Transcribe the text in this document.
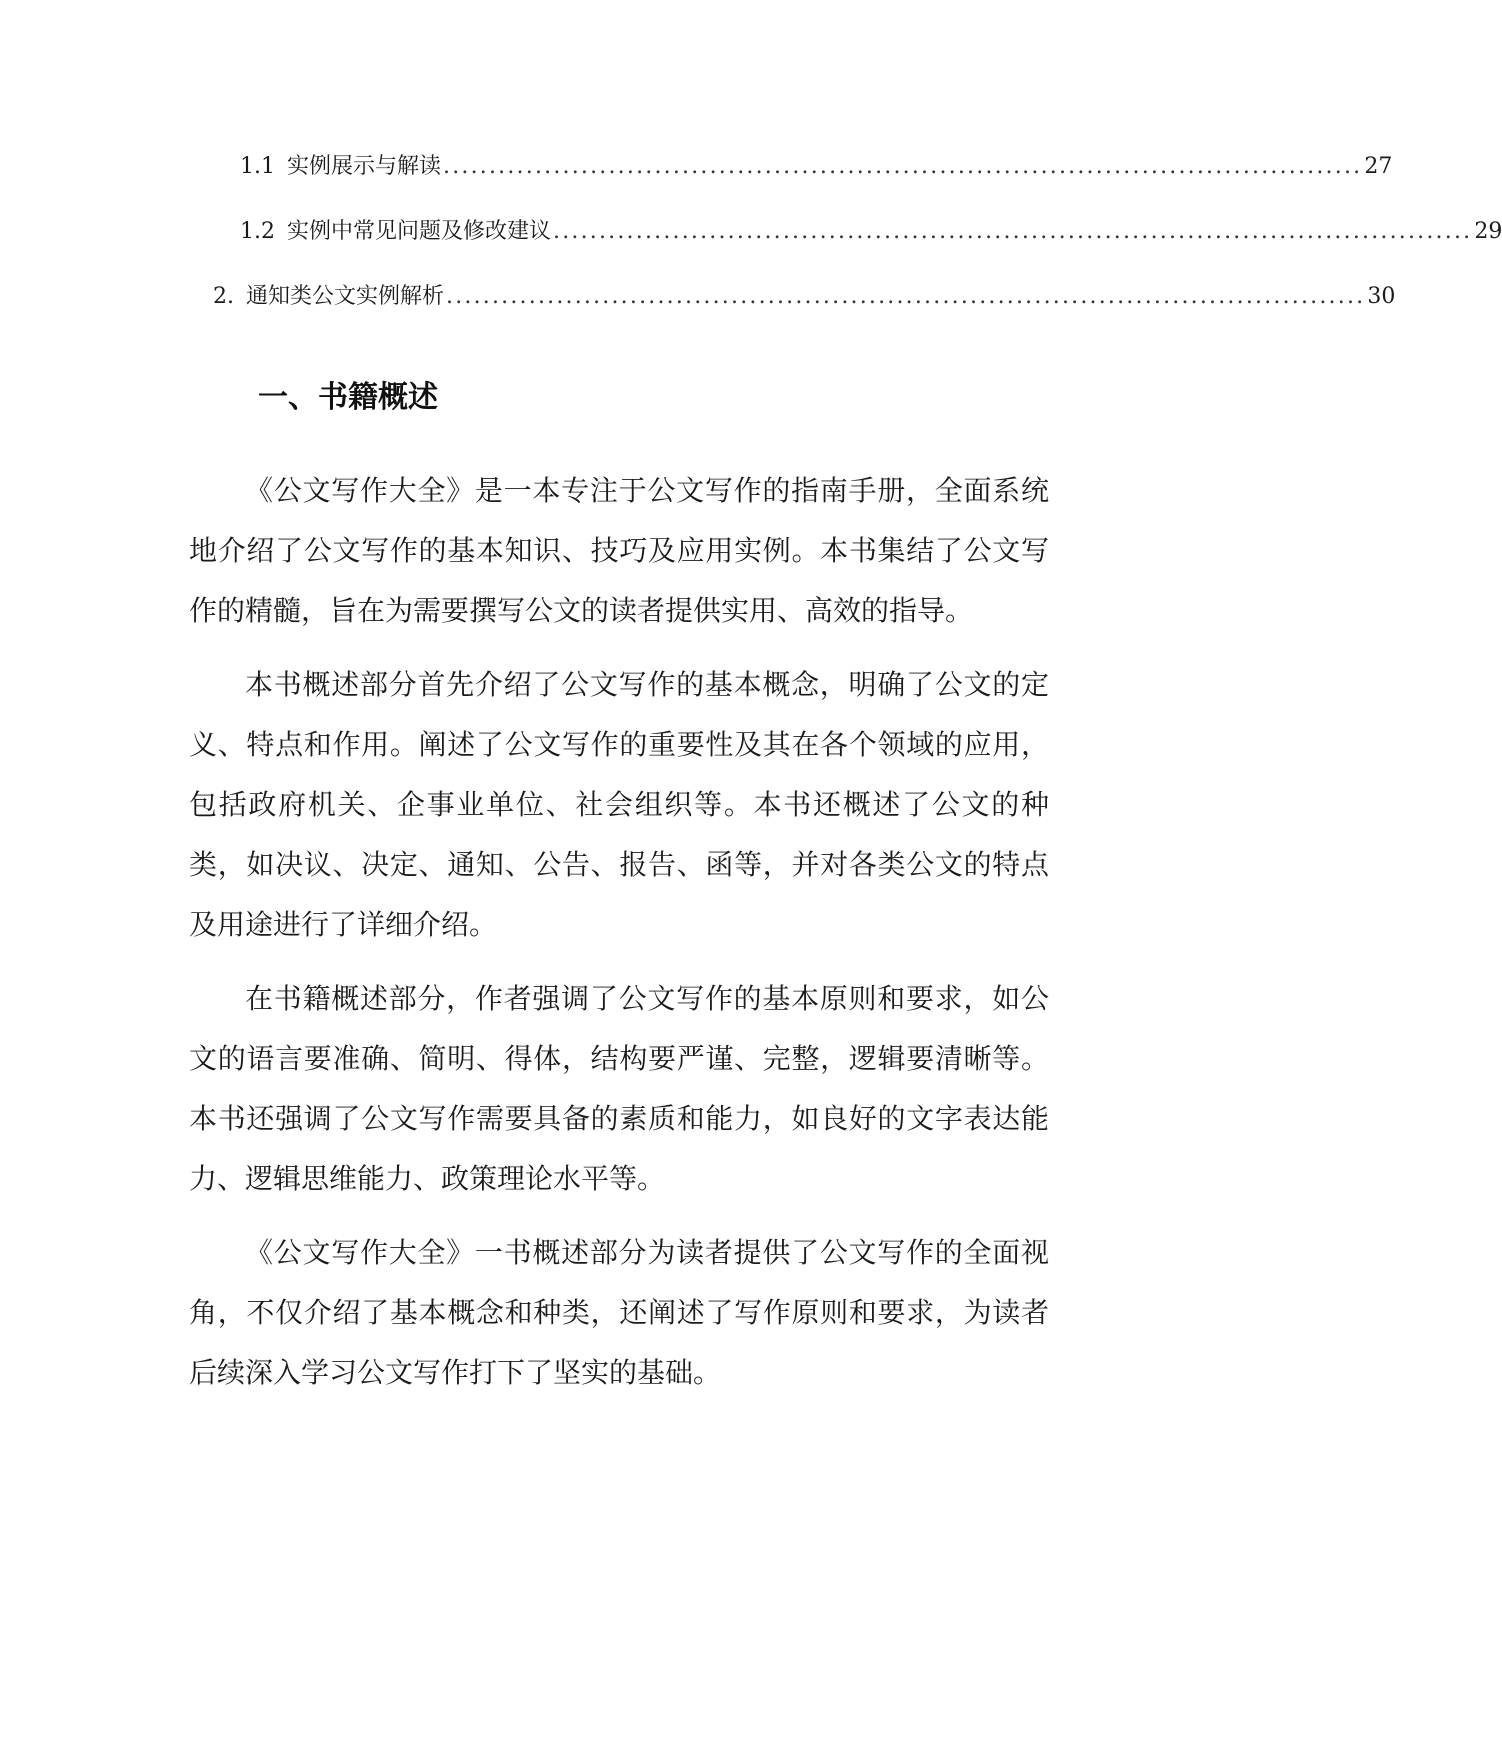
1.1 实例展示与解读 .................................................................................................... 27
1.2 实例中常见问题及修改建议 .................................................................................................... 29
2. 通知类公文实例解析 .................................................................................................... 30
一、书籍概述

《公文写作大全》是一本专注于公文写作的指南手册，全面系统地介绍了公文写作的基本知识、技巧及应用实例。本书集结了公文写作的精髓，旨在为需要撰写公文的读者提供实用、高效的指导。

本书概述部分首先介绍了公文写作的基本概念，明确了公文的定义、特点和作用。阐述了公文写作的重要性及其在各个领域的应用，包括政府机关、企事业单位、社会组织等。本书还概述了公文的种类，如决议、决定、通知、公告、报告、函等，并对各类公文的特点及用途进行了详细介绍。

在书籍概述部分，作者强调了公文写作的基本原则和要求，如公文的语言要准确、简明、得体，结构要严谨、完整，逻辑要清晰等。本书还强调了公文写作需要具备的素质和能力，如良好的文字表达能力、逻辑思维能力、政策理论水平等。

《公文写作大全》一书概述部分为读者提供了公文写作的全面视角，不仅介绍了基本概念和种类，还阐述了写作原则和要求，为读者后续深入学习公文写作打下了坚实的基础。
